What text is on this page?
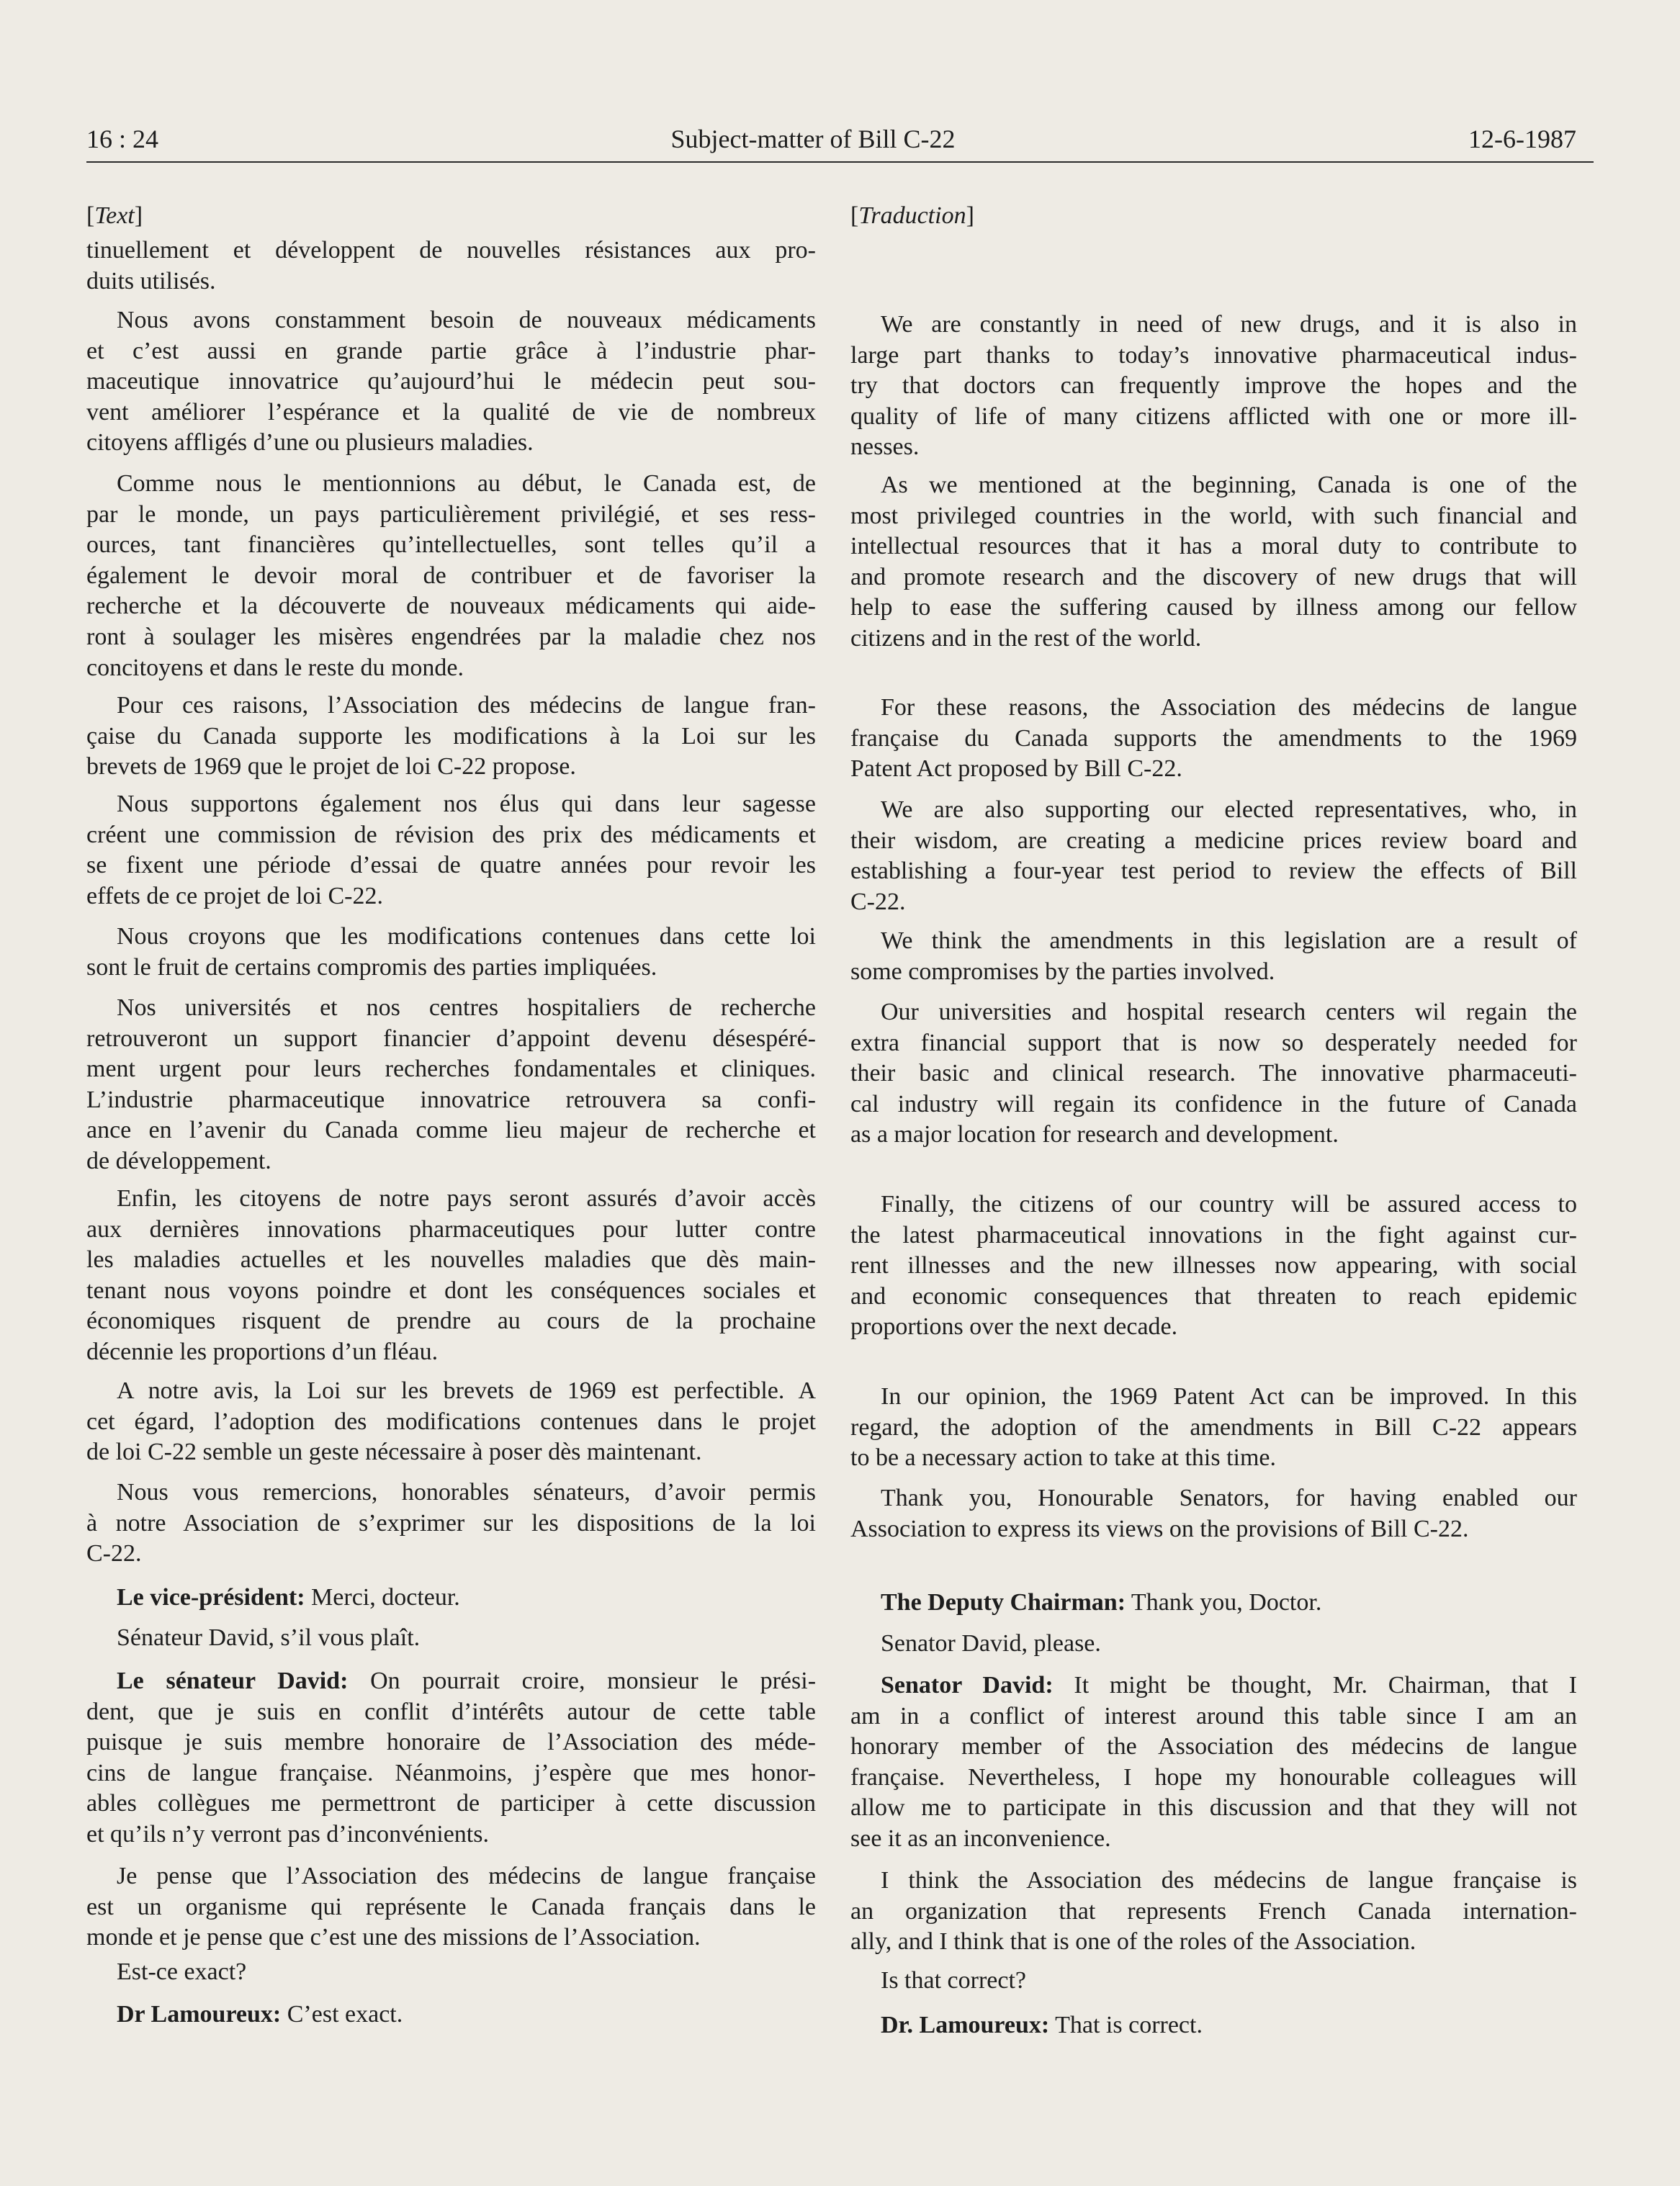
16 : 24	Subject-matter of Bill C-22	12-6-1987
[Text]	[Traduction]
tinuellement et développent de nouvelles résistances aux pro-
duits utilisés.
Nous avons constamment besoin de nouveaux médicaments
et c’est aussi en grande partie grâce à l’industrie phar-
maceutique innovatrice qu’aujourd’hui le médecin peut sou-
vent améliorer l’espérance et la qualité de vie de nombreux
citoyens affligés d’une ou plusieurs maladies.
Comme nous le mentionnions au début, le Canada est, de
par le monde, un pays particulièrement privilégié, et ses ress-
ources, tant financières qu’intellectuelles, sont telles qu’il a
également le devoir moral de contribuer et de favoriser la
recherche et la découverte de nouveaux médicaments qui aide-
ront à soulager les misères engendrées par la maladie chez nos
concitoyens et dans le reste du monde.
Pour ces raisons, l’Association des médecins de langue fran-
çaise du Canada supporte les modifications à la Loi sur les
brevets de 1969 que le projet de loi C-22 propose.
Nous supportons également nos élus qui dans leur sagesse
créent une commission de révision des prix des médicaments et
se fixent une période d’essai de quatre années pour revoir les
effets de ce projet de loi C-22.
Nous croyons que les modifications contenues dans cette loi
sont le fruit de certains compromis des parties impliquées.
Nos universités et nos centres hospitaliers de recherche
retrouveront un support financier d’appoint devenu désespéré-
ment urgent pour leurs recherches fondamentales et cliniques.
L’industrie pharmaceutique innovatrice retrouvera sa confi-
ance en l’avenir du Canada comme lieu majeur de recherche et
de développement.
Enfin, les citoyens de notre pays seront assurés d’avoir accès
aux dernières innovations pharmaceutiques pour lutter contre
les maladies actuelles et les nouvelles maladies que dès main-
tenant nous voyons poindre et dont les conséquences sociales et
économiques risquent de prendre au cours de la prochaine
décennie les proportions d’un fléau.
A notre avis, la Loi sur les brevets de 1969 est perfectible. A
cet égard, l’adoption des modifications contenues dans le projet
de loi C-22 semble un geste nécessaire à poser dès maintenant.
Nous vous remercions, honorables sénateurs, d’avoir permis
à notre Association de s’exprimer sur les dispositions de la loi
C-22.
Le vice-président: Merci, docteur.
Sénateur David, s’il vous plaît.
Le sénateur David: On pourrait croire, monsieur le prési-
dent, que je suis en conflit d’intérêts autour de cette table
puisque je suis membre honoraire de l’Association des méde-
cins de langue française. Néanmoins, j’espère que mes honor-
ables collègues me permettront de participer à cette discussion
et qu’ils n’y verront pas d’inconvénients.
Je pense que l’Association des médecins de langue française
est un organisme qui représente le Canada français dans le
monde et je pense que c’est une des missions de l’Association.
Est-ce exact?
Dr Lamoureux: C’est exact.
We are constantly in need of new drugs, and it is also in
large part thanks to today’s innovative pharmaceutical indus-
try that doctors can frequently improve the hopes and the
quality of life of many citizens afflicted with one or more ill-
nesses.
As we mentioned at the beginning, Canada is one of the
most privileged countries in the world, with such financial and
intellectual resources that it has a moral duty to contribute to
and promote research and the discovery of new drugs that will
help to ease the suffering caused by illness among our fellow
citizens and in the rest of the world.
For these reasons, the Association des médecins de langue
française du Canada supports the amendments to the 1969
Patent Act proposed by Bill C-22.
We are also supporting our elected representatives, who, in
their wisdom, are creating a medicine prices review board and
establishing a four-year test period to review the effects of Bill
C-22.
We think the amendments in this legislation are a result of
some compromises by the parties involved.
Our universities and hospital research centers wil regain the
extra financial support that is now so desperately needed for
their basic and clinical research. The innovative pharmaceuti-
cal industry will regain its confidence in the future of Canada
as a major location for research and development.
Finally, the citizens of our country will be assured access to
the latest pharmaceutical innovations in the fight against cur-
rent illnesses and the new illnesses now appearing, with social
and economic consequences that threaten to reach epidemic
proportions over the next decade.
In our opinion, the 1969 Patent Act can be improved. In this
regard, the adoption of the amendments in Bill C-22 appears
to be a necessary action to take at this time.
Thank you, Honourable Senators, for having enabled our
Association to express its views on the provisions of Bill C-22.
The Deputy Chairman: Thank you, Doctor.
Senator David, please.
Senator David: It might be thought, Mr. Chairman, that I
am in a conflict of interest around this table since I am an
honorary member of the Association des médecins de langue
française. Nevertheless, I hope my honourable colleagues will
allow me to participate in this discussion and that they will not
see it as an inconvenience.
I think the Association des médecins de langue française is
an organization that represents French Canada internation-
ally, and I think that is one of the roles of the Association.
Is that correct?
Dr. Lamoureux: That is correct.
